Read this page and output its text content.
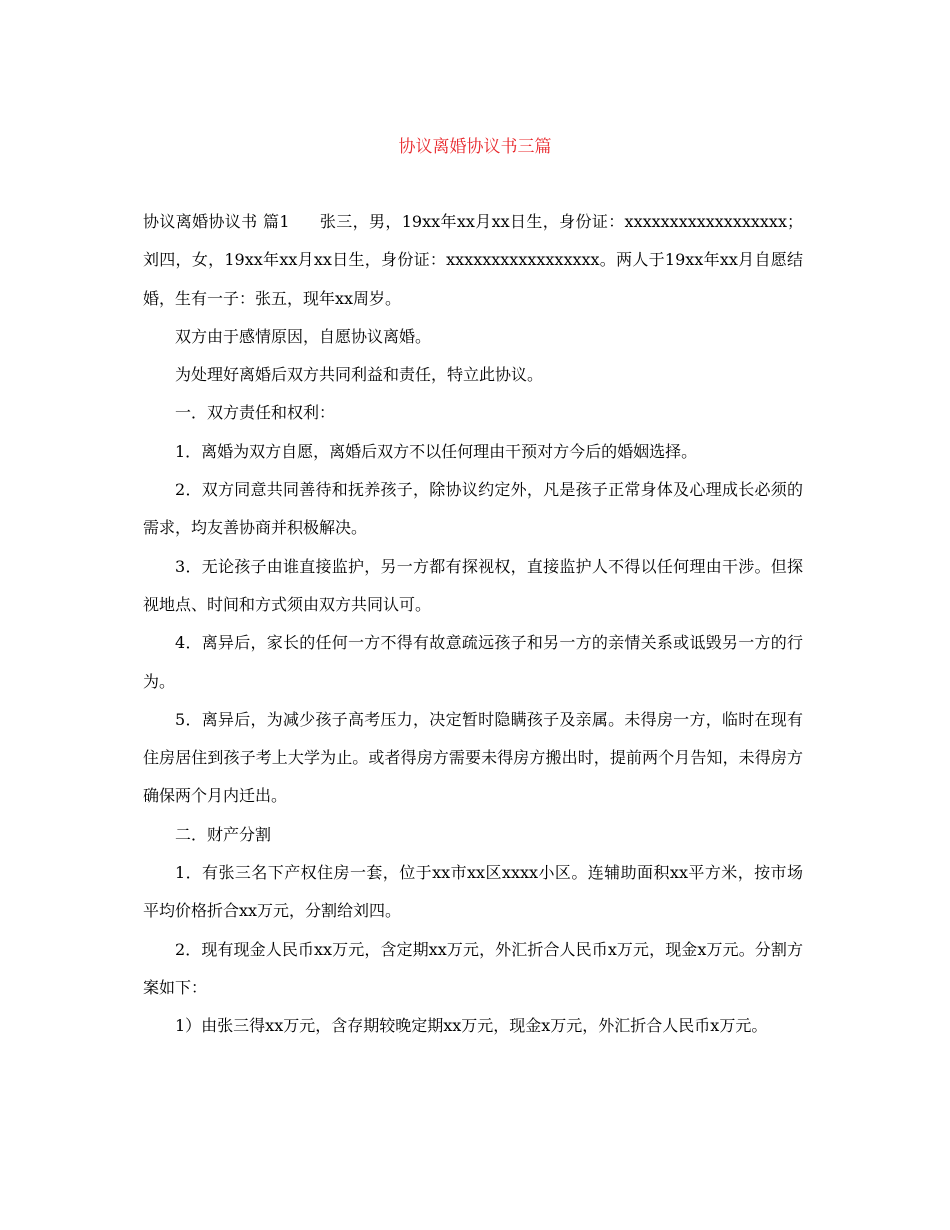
协议离婚协议书三篇

协议离婚协议书 篇1 张三，男，19xx年xx月xx日生，身份证：xxxxxxxxxxxxxxxxxx；刘四，女，19xx年xx月xx日生，身份证：xxxxxxxxxxxxxxxxx。两人于19xx年xx月自愿结婚，生有一子：张五，现年xx周岁。

双方由于感情原因，自愿协议离婚。

为处理好离婚后双方共同利益和责任，特立此协议。

一．双方责任和权利：

1．离婚为双方自愿，离婚后双方不以任何理由干预对方今后的婚姻选择。

2．双方同意共同善待和抚养孩子，除协议约定外，凡是孩子正常身体及心理成长必须的需求，均友善协商并积极解决。

3．无论孩子由谁直接监护，另一方都有探视权，直接监护人不得以任何理由干涉。但探视地点、时间和方式须由双方共同认可。

4．离异后，家长的任何一方不得有故意疏远孩子和另一方的亲情关系或诋毁另一方的行为。

5．离异后，为减少孩子高考压力，决定暂时隐瞒孩子及亲属。未得房一方，临时在现有住房居住到孩子考上大学为止。或者得房方需要未得房方搬出时，提前两个月告知，未得房方确保两个月内迁出。

二．财产分割

1．有张三名下产权住房一套，位于xx市xx区xxxx小区。连辅助面积xx平方米，按市场平均价格折合xx万元，分割给刘四。

2．现有现金人民币xx万元，含定期xx万元，外汇折合人民币x万元，现金x万元。分割方案如下：

1）由张三得xx万元，含存期较晚定期xx万元，现金x万元，外汇折合人民币x万元。
